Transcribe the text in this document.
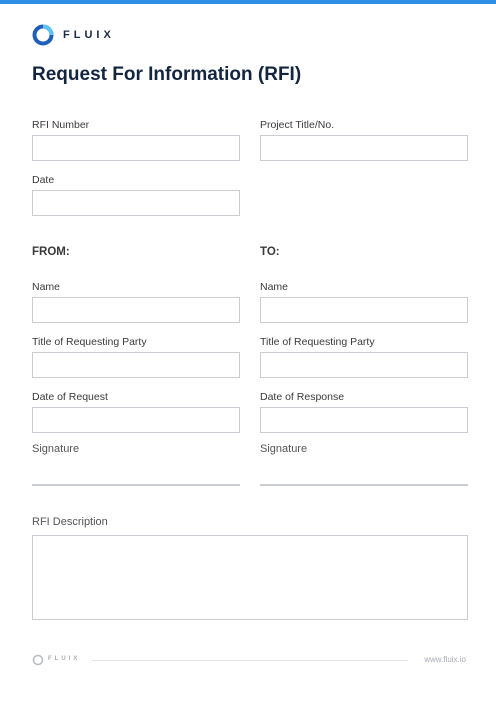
FLUIX
Request For Information (RFI)

RFI Number	Project Title/No.

Date

FROM:	TO:

Name	Name

Title of Requesting Party	Title of Requesting Party

Date of Request	Date of Response

Signature	Signature

RFI Description

FLUIX	www.fluix.io
